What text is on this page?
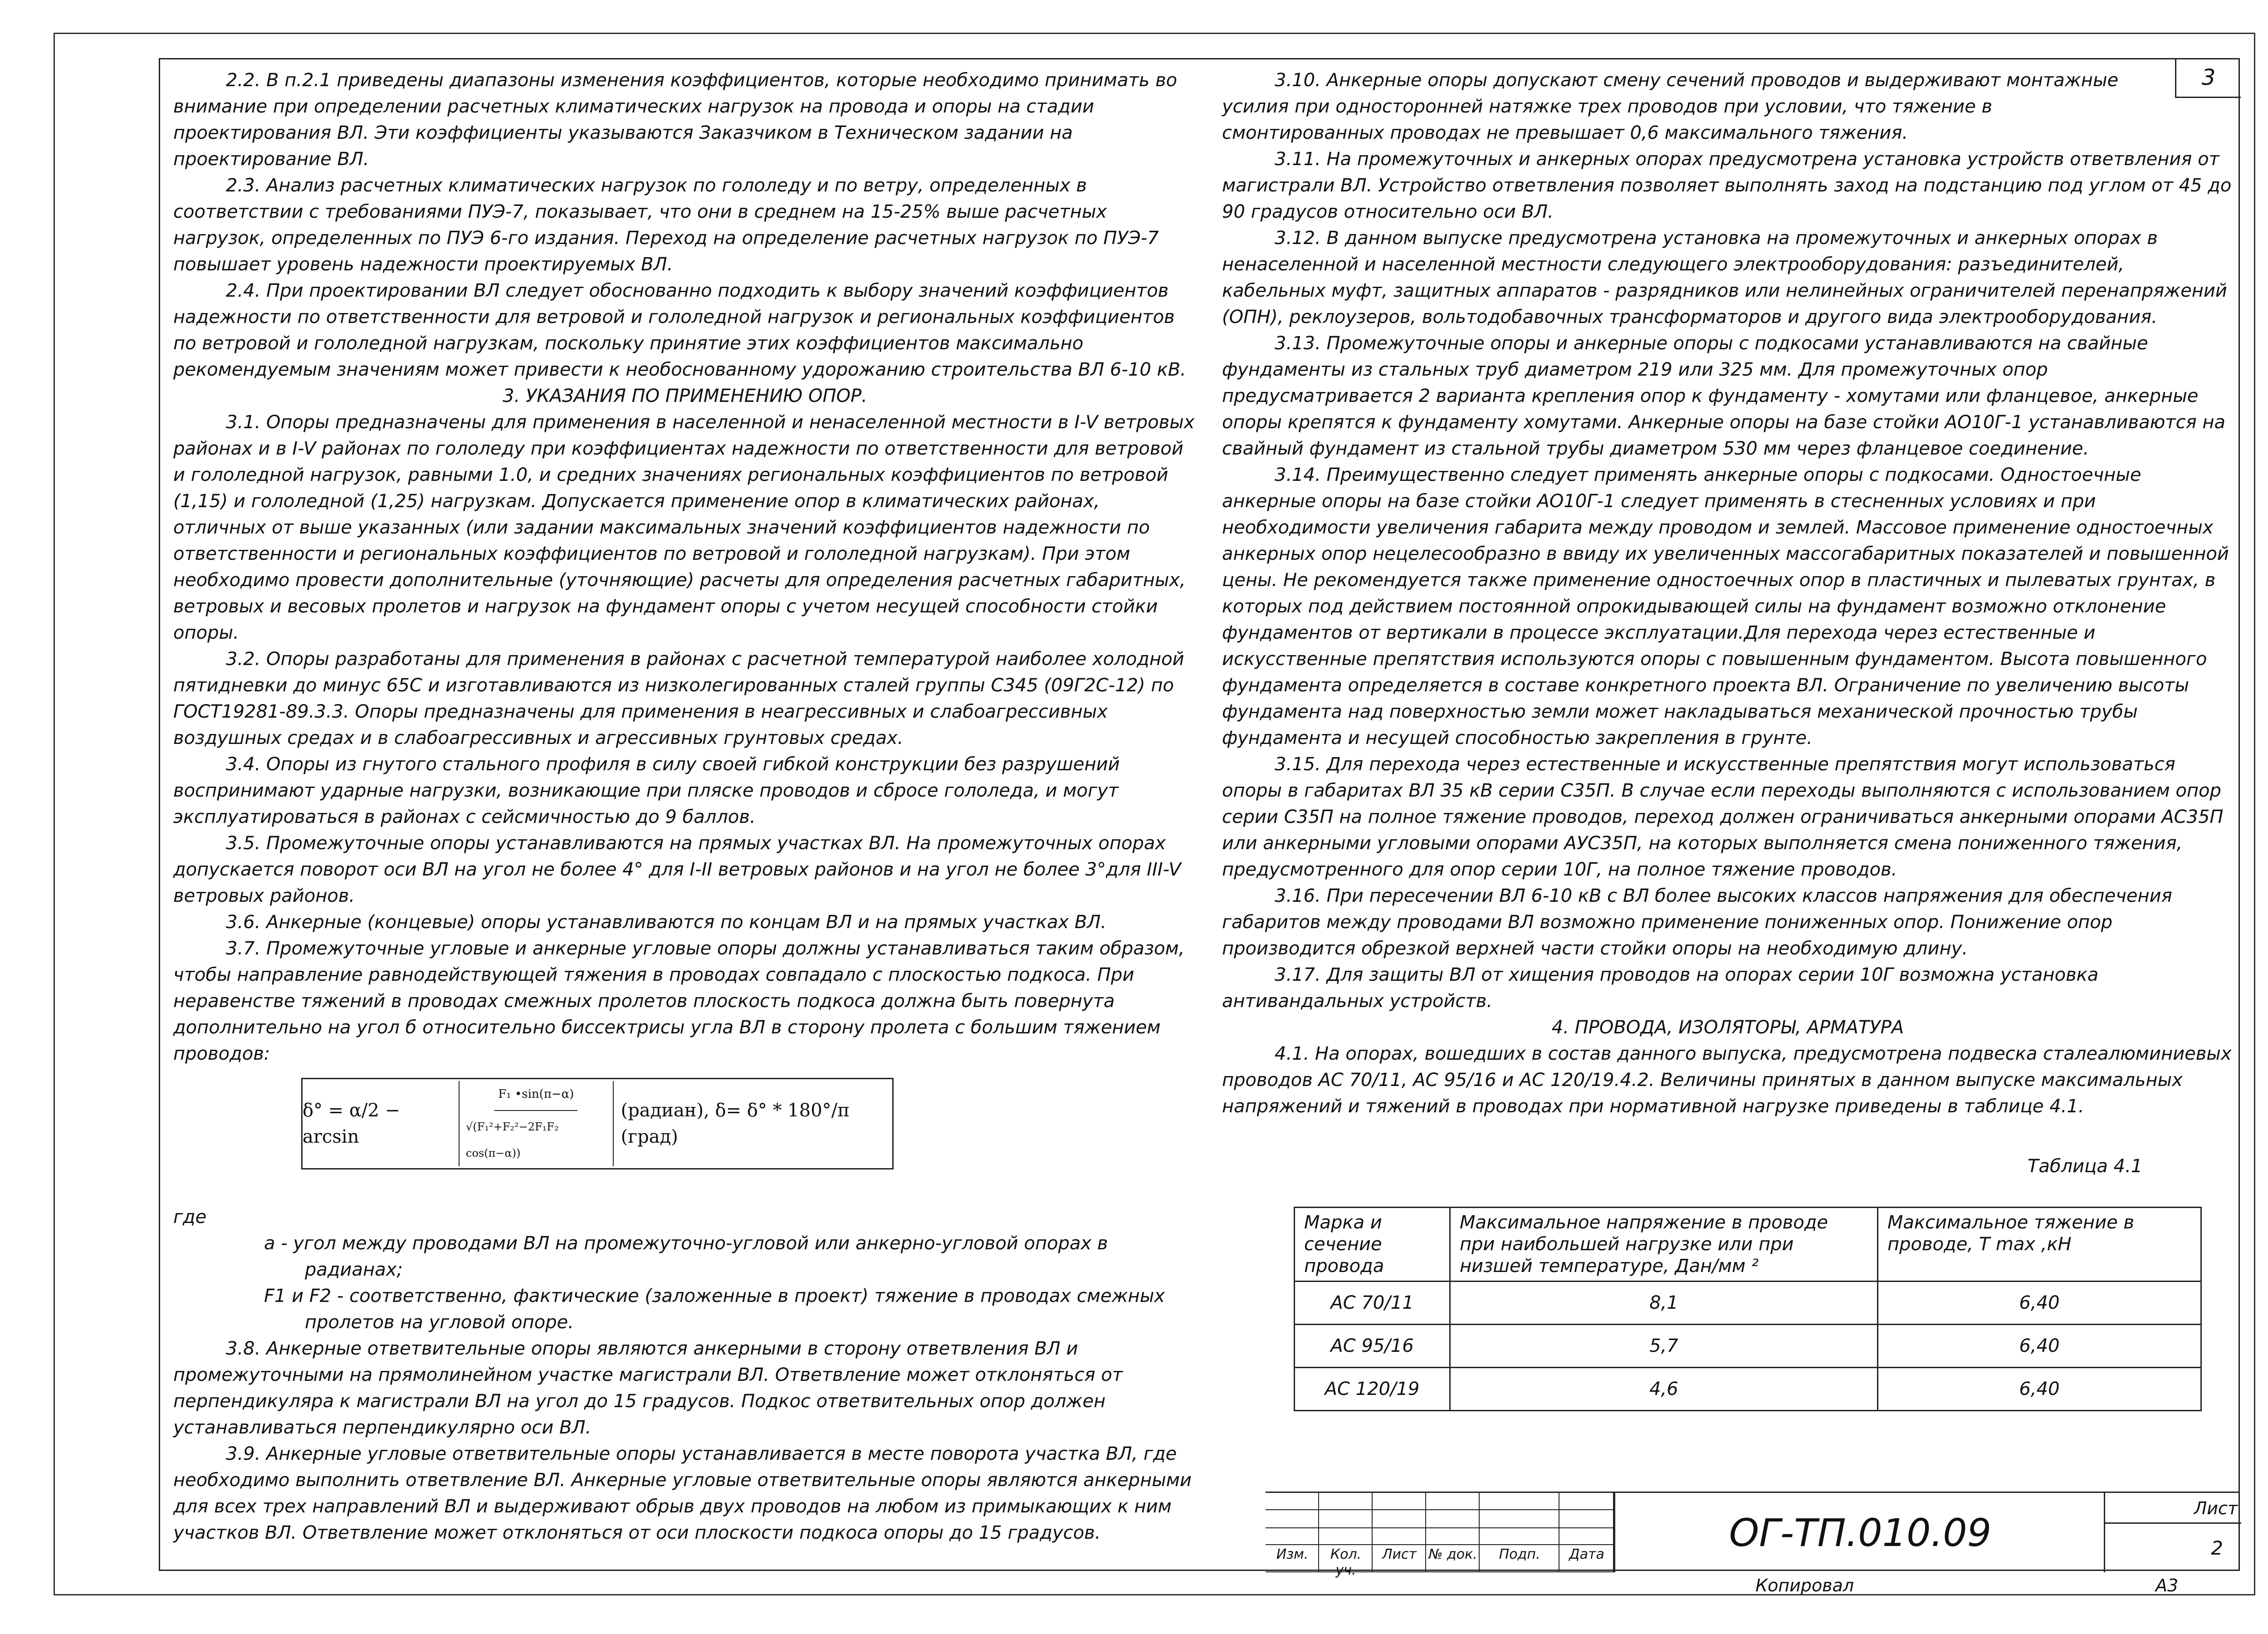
3

2.2. В п.2.1 приведены диапазоны изменения коэффициентов, которые необходимо принимать во внимание при определении расчетных климатических нагрузок на провода и опоры на стадии проектирования ВЛ. Эти коэффициенты указываются Заказчиком в Техническом задании на проектирование ВЛ.

2.3. Анализ расчетных климатических нагрузок по гололеду и по ветру, определенных в соответствии с требованиями ПУЭ-7, показывает, что они в среднем на 15-25% выше расчетных нагрузок, определенных по ПУЭ 6-го издания. Переход на определение расчетных нагрузок по ПУЭ-7 повышает уровень надежности проектируемых ВЛ.

2.4. При проектировании ВЛ следует обоснованно подходить к выбору значений коэффициентов надежности по ответственности для ветровой и гололедной нагрузок и региональных коэффициентов по ветровой и гололедной нагрузкам, поскольку принятие этих коэффициентов максимально рекомендуемым значениям может привести к необоснованному удорожанию строительства ВЛ 6-10 кВ.

3. УКАЗАНИЯ ПО ПРИМЕНЕНИЮ ОПОР.

3.1. Опоры предназначены для применения в населенной и ненаселенной местности в I-V ветровых районах и в I-V районах по гололеду при коэффициентах надежности по ответственности для ветровой и гололедной нагрузок, равными 1.0, и средних значениях региональных коэффициентов по ветровой (1,15) и гололедной (1,25) нагрузкам. Допускается применение опор в климатических районах, отличных от выше указанных (или задании максимальных значений коэффициентов надежности по ответственности и региональных коэффициентов по ветровой и гололедной нагрузкам). При этом необходимо провести дополнительные (уточняющие) расчеты для определения расчетных габаритных, ветровых и весовых пролетов и нагрузок на фундамент опоры с учетом несущей способности стойки опоры.

3.2. Опоры разработаны для применения в районах с расчетной температурой наиболее холодной пятидневки до минус 65С и изготавливаются из низколегированных сталей группы С345 (09Г2С-12) по ГОСТ19281-89.3.3. Опоры предназначены для применения в неагрессивных и слабоагрессивных воздушных средах и в слабоагрессивных и агрессивных грунтовых средах.

3.4. Опоры из гнутого стального профиля в силу своей гибкой конструкции без разрушений воспринимают ударные нагрузки, возникающие при пляске проводов и сбросе гололеда, и могут эксплуатироваться в районах с сейсмичностью до 9 баллов.

3.5. Промежуточные опоры устанавливаются на прямых участках ВЛ. На промежуточных опорах допускается поворот оси ВЛ на угол не более 4° для I-II ветровых районов и на угол не более 3°для III-V ветровых районов.

3.6. Анкерные (концевые) опоры устанавливаются по концам ВЛ и на прямых участках ВЛ.

3.7. Промежуточные угловые и анкерные угловые опоры должны устанавливаться таким образом, чтобы направление равнодействующей тяжения в проводах совпадало с плоскостью подкоса. При неравенстве тяжений в проводах смежных пролетов плоскость подкоса должна быть повернута дополнительно на угол б относительно биссектрисы угла ВЛ в сторону пролета с большим тяжением проводов:

δ° = α/2 − arcsin	$\frac{\text{F₁ •sin(π−α)}}{\text{√(F₁²+F₂²−2F₁F₂ cos(π−α))}}$ (радиан), δ= δ° * 180°/π (град)

где

а - угол между проводами ВЛ на промежуточно-угловой или анкерно-угловой опорах в

радианах;

F1 и F2 - соответственно, фактические (заложенные в проект) тяжение в проводах смежных

пролетов на угловой опоре.

3.8. Анкерные ответвительные опоры являются анкерными в сторону ответвления ВЛ и промежуточными на прямолинейном участке магистрали ВЛ. Ответвление может отклоняться от перпендикуляра к магистрали ВЛ на угол до 15 градусов. Подкос ответвительных опор должен устанавливаться перпендикулярно оси ВЛ.

3.9. Анкерные угловые ответвительные опоры устанавливается в месте поворота участка ВЛ, где необходимо выполнить ответвление ВЛ. Анкерные угловые ответвительные опоры являются анкерными для всех трех направлений ВЛ и выдерживают обрыв двух проводов на любом из примыкающих к ним участков ВЛ. Ответвление может отклоняться от оси плоскости подкоса опоры до 15 градусов.

3.10. Анкерные опоры допускают смену сечений проводов и выдерживают монтажные усилия при односторонней натяжке трех проводов при условии, что тяжение в смонтированных проводах не превышает 0,6 максимального тяжения.

3.11. На промежуточных и анкерных опорах предусмотрена установка устройств ответвления от магистрали ВЛ. Устройство ответвления позволяет выполнять заход на подстанцию под углом от 45 до 90 градусов относительно оси ВЛ.

3.12. В данном выпуске предусмотрена установка на промежуточных и анкерных опорах в ненаселенной и населенной местности следующего электрооборудования: разъединителей, кабельных муфт, защитных аппаратов - разрядников или нелинейных ограничителей перенапряжений (ОПН), реклоузеров, вольтодобавочных трансформаторов и другого вида электрооборудования.

3.13. Промежуточные опоры и анкерные опоры с подкосами устанавливаются на свайные фундаменты из стальных труб диаметром 219 или 325 мм. Для промежуточных опор предусматривается 2 варианта крепления опор к фундаменту - хомутами или фланцевое, анкерные опоры крепятся к фундаменту хомутами. Анкерные опоры на базе стойки АО10Г-1 устанавливаются на свайный фундамент из стальной трубы диаметром 530 мм через фланцевое соединение.

3.14. Преимущественно следует применять анкерные опоры с подкосами. Одностоечные анкерные опоры на базе стойки АО10Г-1 следует применять в стесненных условиях и при необходимости увеличения габарита между проводом и землей. Массовое применение одностоечных анкерных опор нецелесообразно в ввиду их увеличенных массогабаритных показателей и повышенной цены. Не рекомендуется также применение одностоечных опор в пластичных и пылеватых грунтах, в которых под действием постоянной опрокидывающей силы на фундамент возможно отклонение фундаментов от вертикали в процессе эксплуатации.Для перехода через естественные и искусственные препятствия используются опоры с повышенным фундаментом. Высота повышенного фундамента определяется в составе конкретного проекта ВЛ. Ограничение по увеличению высоты фундамента над поверхностью земли может накладываться механической прочностью трубы фундамента и несущей способностью закрепления в грунте.

3.15. Для перехода через естественные и искусственные препятствия могут использоваться опоры в габаритах ВЛ 35 кВ серии С35П. В случае если переходы выполняются с использованием опор серии С35П на полное тяжение проводов, переход должен ограничиваться анкерными опорами АС35П или анкерными угловыми опорами АУС35П, на которых выполняется смена пониженного тяжения, предусмотренного для опор серии 10Г, на полное тяжение проводов.

3.16. При пересечении ВЛ 6-10 кВ с ВЛ более высоких классов напряжения для обеспечения габаритов между проводами ВЛ возможно применение пониженных опор. Понижение опор производится обрезкой верхней части стойки опоры на необходимую длину.

3.17. Для защиты ВЛ от хищения проводов на опорах серии 10Г возможна установка антивандальных устройств.

4. ПРОВОДА, ИЗОЛЯТОРЫ, АРМАТУРА

4.1. На опорах, вошедших в состав данного выпуска, предусмотрена подвеска сталеалюминиевых проводов АС 70/11, АС 95/16 и АС 120/19.4.2. Величины принятых в данном выпуске максимальных напряжений и тяжений в проводах при нормативной нагрузке приведены в таблице 4.1.

Таблица 4.1
Марка и сечение провода	Максимальное напряжение в проводе при наибольшей нагрузке или при низшей температуре, Дан/мм ²	Максимальное тяжение в проводе, T max ,кН
АС 70/11	8,1	6,40
АС 95/16	5,7	6,40
АС 120/19	4,6	6,40
Изм.	Кол. уч.
Лист № док.	Подп.	Дата	ОГ-ТП.010.09
Лист
2
Копировал	А3
